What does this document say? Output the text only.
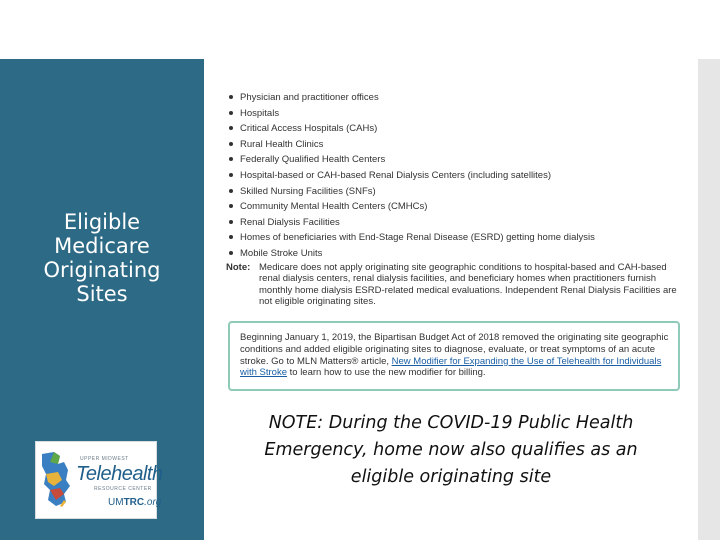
Eligible
Medicare
Originating
Sites
UPPER MIDWEST
Telehealth
RESOURCE CENTER
UMTRC.org
Physician and practitioner offices
Hospitals
Critical Access Hospitals (CAHs)
Rural Health Clinics
Federally Qualified Health Centers
Hospital-based or CAH-based Renal Dialysis Centers (including satellites)
Skilled Nursing Facilities (SNFs)
Community Mental Health Centers (CMHCs)
Renal Dialysis Facilities
Homes of beneficiaries with End-Stage Renal Disease (ESRD) getting home dialysis
Mobile Stroke Units
Note: Medicare does not apply originating site geographic conditions to hospital-based and CAH-based renal dialysis centers, renal dialysis facilities, and beneficiary homes when practitioners furnish monthly home dialysis ESRD-related medical evaluations. Independent Renal Dialysis Facilities are not eligible originating sites.
Beginning January 1, 2019, the Bipartisan Budget Act of 2018 removed the originating site geographic conditions and added eligible originating sites to diagnose, evaluate, or treat symptoms of an acute stroke. Go to MLN Matters® article, New Modifier for Expanding the Use of Telehealth for Individuals with Stroke to learn how to use the new modifier for billing.
NOTE: During the COVID-19 Public Health Emergency, home now also qualifies as an eligible originating site
